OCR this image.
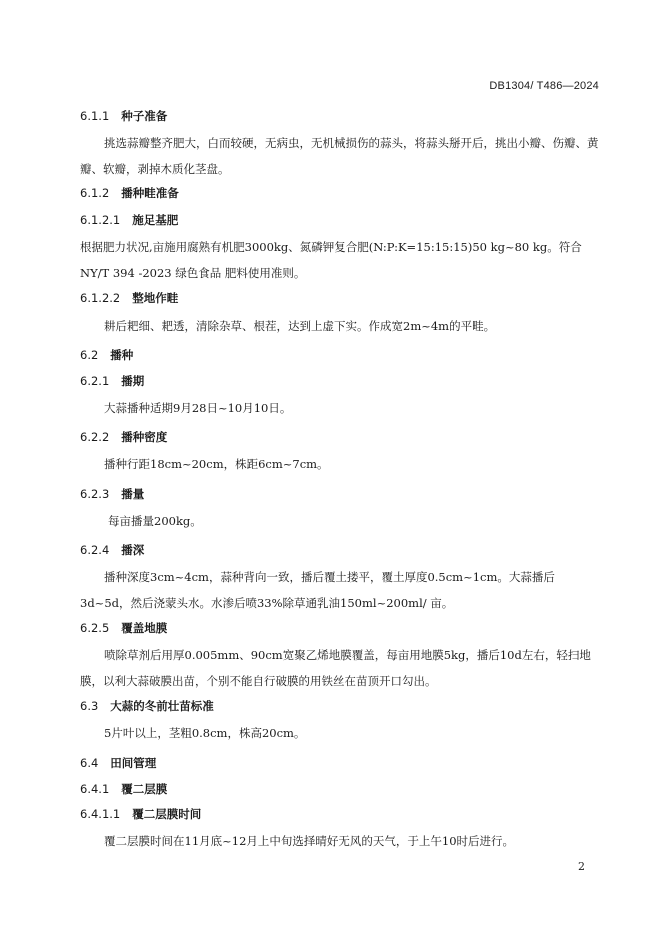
DB1304/ T486—2024
6.1.1 种子准备

挑选蒜瓣整齐肥大，白而较硬，无病虫，无机械损伤的蒜头，将蒜头掰开后，挑出小瓣、伤瓣、黄瓣、软瓣，剥掉木质化茎盘。

6.1.2 播种畦准备
6.1.2.1 施足基肥

根据肥力状况,亩施用腐熟有机肥3000kg、氮磷钾复合肥(N:P:K=15:15:15)50 kg~80 kg。符合NY/T 394 -2023 绿色食品 肥料使用准则。

6.1.2.2 整地作畦

耕后耙细、耙透，清除杂草、根茬，达到上虚下实。作成宽2m~4m的平畦。

6.2 播种
6.2.1 播期

大蒜播种适期9月28日~10月10日。

6.2.2 播种密度

播种行距18cm~20cm，株距6cm~7cm。

6.2.3 播量

每亩播量200kg。

6.2.4 播深

播种深度3cm~4cm，蒜种背向一致，播后覆土搂平，覆土厚度0.5cm~1cm。大蒜播后3d~5d，然后浇蒙头水。水渗后喷33%除草通乳油150ml~200ml/ 亩。

6.2.5 覆盖地膜

喷除草剂后用厚0.005mm、90cm宽聚乙烯地膜覆盖，每亩用地膜5kg，播后10d左右，轻扫地膜，以利大蒜破膜出苗，个别不能自行破膜的用铁丝在苗顶开口勾出。

6.3 大蒜的冬前壮苗标准

5片叶以上，茎粗0.8cm，株高20cm。

6.4 田间管理
6.4.1 覆二层膜
6.4.1.1 覆二层膜时间

覆二层膜时间在11月底~12月上中旬选择晴好无风的天气，于上午10时后进行。

2
